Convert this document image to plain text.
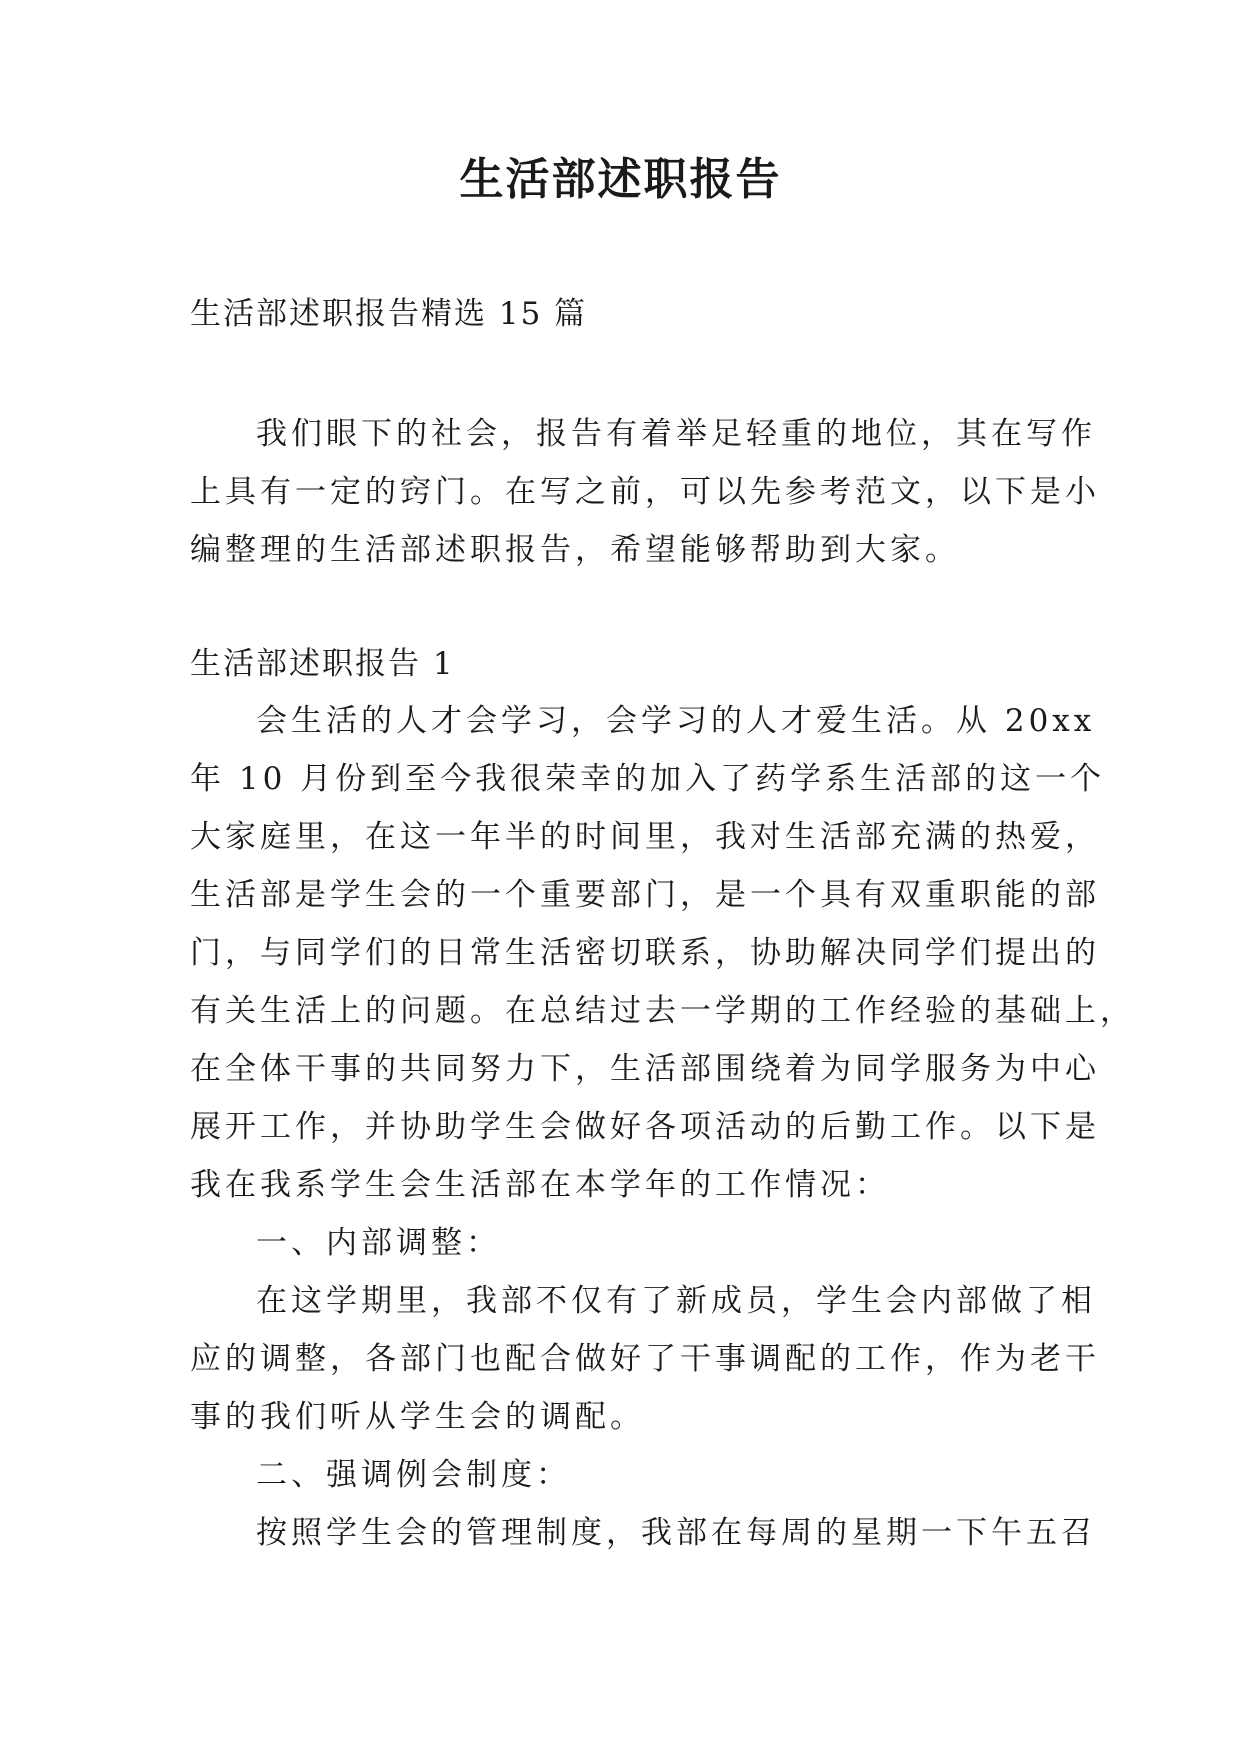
生活部述职报告

生活部述职报告精选 15 篇

我们眼下的社会，报告有着举足轻重的地位，其在写作
上具有一定的窍门。在写之前，可以先参考范文，以下是小
编整理的生活部述职报告，希望能够帮助到大家。

生活部述职报告 1

会生活的人才会学习，会学习的人才爱生活。从 20xx
年 10 月份到至今我很荣幸的加入了药学系生活部的这一个
大家庭里，在这一年半的时间里，我对生活部充满的热爱，
生活部是学生会的一个重要部门，是一个具有双重职能的部
门，与同学们的日常生活密切联系，协助解决同学们提出的
有关生活上的问题。在总结过去一学期的工作经验的基础上，
在全体干事的共同努力下，生活部围绕着为同学服务为中心
展开工作，并协助学生会做好各项活动的后勤工作。以下是
我在我系学生会生活部在本学年的工作情况：
一、内部调整：
在这学期里，我部不仅有了新成员，学生会内部做了相
应的调整，各部门也配合做好了干事调配的工作，作为老干
事的我们听从学生会的调配。
二、强调例会制度：
按照学生会的管理制度，我部在每周的星期一下午五召
